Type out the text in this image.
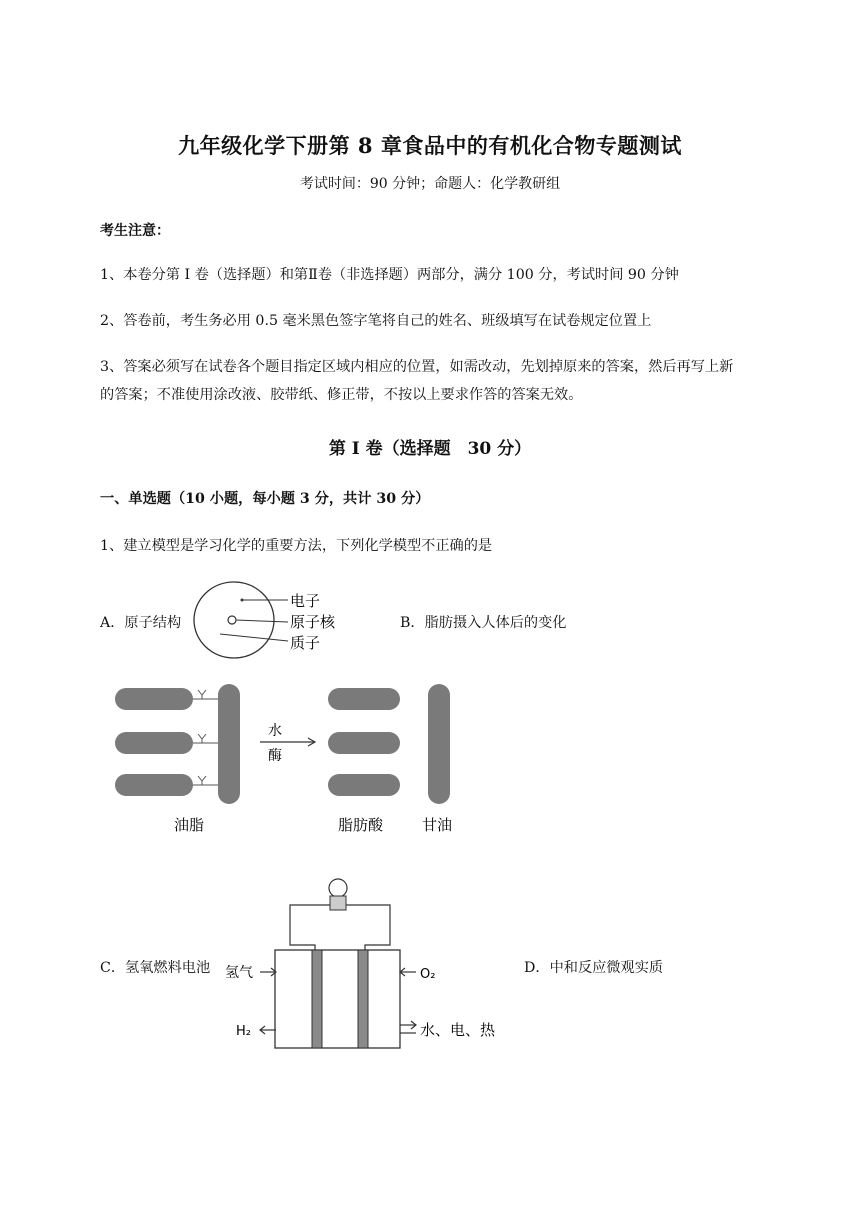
九年级化学下册第 8 章食品中的有机化合物专题测试
考试时间：90 分钟；命题人：化学教研组
考生注意：
1、本卷分第 I 卷（选择题）和第Ⅱ卷（非选择题）两部分，满分 100 分，考试时间 90 分钟
2、答卷前，考生务必用 0.5 毫米黑色签字笔将自己的姓名、班级填写在试卷规定位置上
3、答案必须写在试卷各个题目指定区域内相应的位置，如需改动，先划掉原来的答案，然后再写上新
的答案；不准使用涂改液、胶带纸、修正带，不按以上要求作答的答案无效。
第 I 卷（选择题　30 分）
一、单选题（10 小题，每小题 3 分，共计 30 分）
1、建立模型是学习化学的重要方法，下列化学模型不正确的是
A．原子结构
电子
原子核
质子
B．脂肪摄入人体后的变化
水
酶
油脂	脂肪酸	甘油
C．氢氧燃料电池 氢气	O₂
H₂	水、电、热
D．中和反应微观实质
